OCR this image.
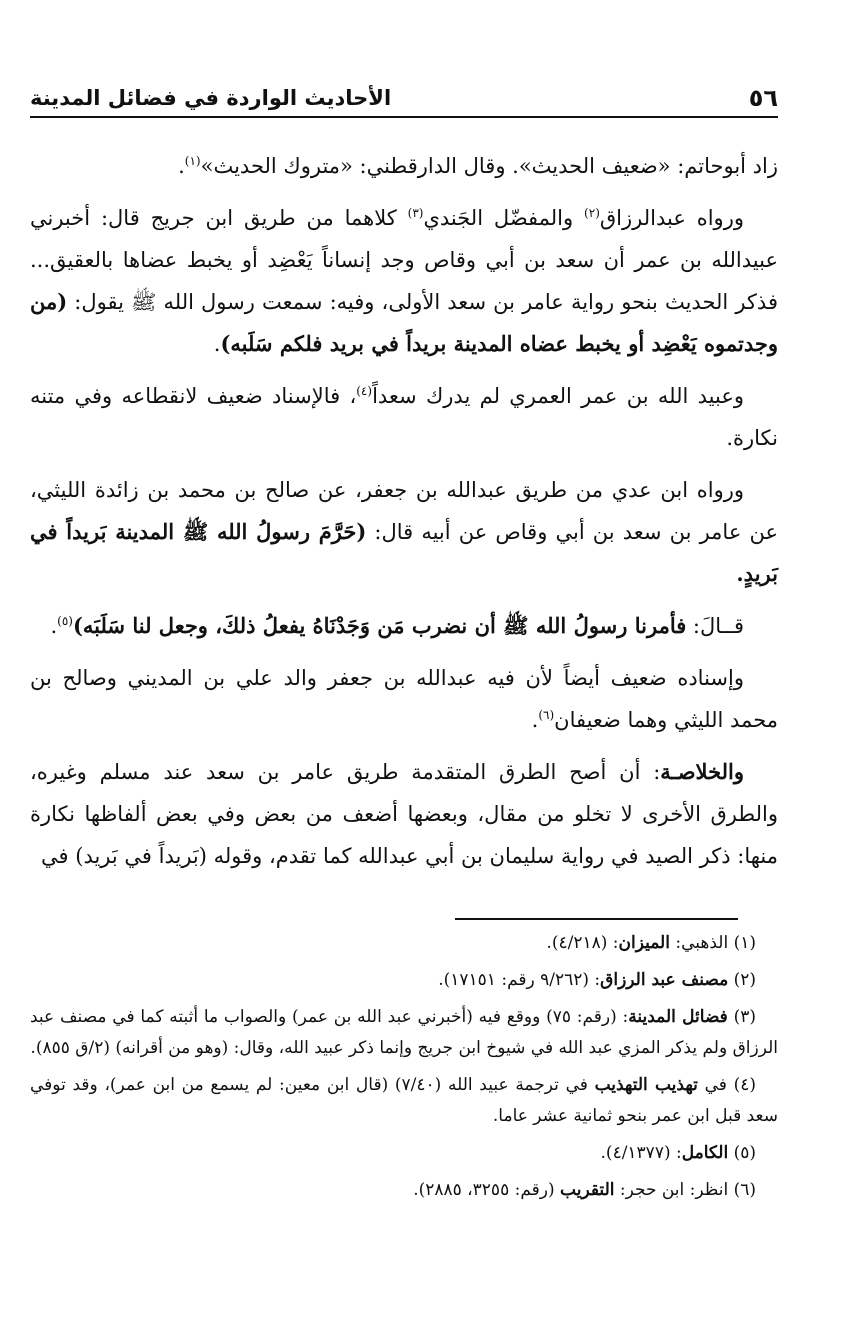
٥٦
الأحاديث الواردة في فضائل المدينة

زاد أبوحاتم: «ضعيف الحديث». وقال الدارقطني: «متروك الحديث»$^{(١)}$.

ورواه عبدالرزاق$^{(٢)}$ والمفضّل الجَندي$^{(٣)}$ كلاهما من طريق ابن جريج قال: أخبرني عبيدالله بن عمر أن سعد بن أبي وقاص وجد إنساناً يَعْضِد أو يخبط عضاها بالعقيق... فذكر الحديث بنحو رواية عامر بن سعد الأولى، وفيه: سمعت رسول الله ﷺ يقول: (من وجدتموه يَعْضِد أو يخبط عضاه المدينة بريداً في بريد فلكم سَلَبه).

وعبيد الله بن عمر العمري لم يدرك سعداً$^{(٤)}$، فالإسناد ضعيف لانقطاعه وفي متنه نكارة.

ورواه ابن عدي من طريق عبدالله بن جعفر، عن صالح بن محمد بن زائدة الليثي، عن عامر بن سعد بن أبي وقاص عن أبيه قال: (حَرَّمَ رسولُ الله ﷺ المدينة بَريداً في بَريدٍ.

قــالَ: فأمرنا رسولُ الله ﷺ أن نضرب مَن وَجَدْنَاهُ يفعلُ ذلكَ، وجعل لنا سَلَبَه)$^{(٥)}$.

وإسناده ضعيف أيضاً لأن فيه عبدالله بن جعفر والد علي بن المديني وصالح بن محمد الليثي وهما ضعيفان$^{(٦)}$.

والخلاصـة: أن أصح الطرق المتقدمة طريق عامر بن سعد عند مسلم وغيره، والطرق الأخرى لا تخلو من مقال، وبعضها أضعف من بعض وفي بعض ألفاظها نكارة منها: ذكر الصيد في رواية سليمان بن أبي عبدالله كما تقدم، وقوله (بَريداً في بَريد) في

(١) الذهبي: الميزان: (٤/٢١٨).

(٢) مصنف عبد الرزاق: (٩/٢٦٢ رقم: ١٧١٥١).

(٣) فضائل المدينة: (رقم: ٧٥) ووقع فيه (أخبرني عبد الله بن عمر) والصواب ما أثبته كما في مصنف عبد الرزاق ولم يذكر المزي عبد الله في شيوخ ابن جريج وإنما ذكر عبيد الله، وقال: (وهو من أقرانه) (٢/ق ٨٥٥).

(٤) في تهذيب التهذيب في ترجمة عبيد الله (٧/٤٠) (قال ابن معين: لم يسمع من ابن عمر)، وقد توفي سعد قبل ابن عمر بنحو ثمانية عشر عاما.

(٥) الكامل: (٤/١٣٧٧).

(٦) انظر: ابن حجر: التقريب (رقم: ٣٢٥٥، ٢٨٨٥).
